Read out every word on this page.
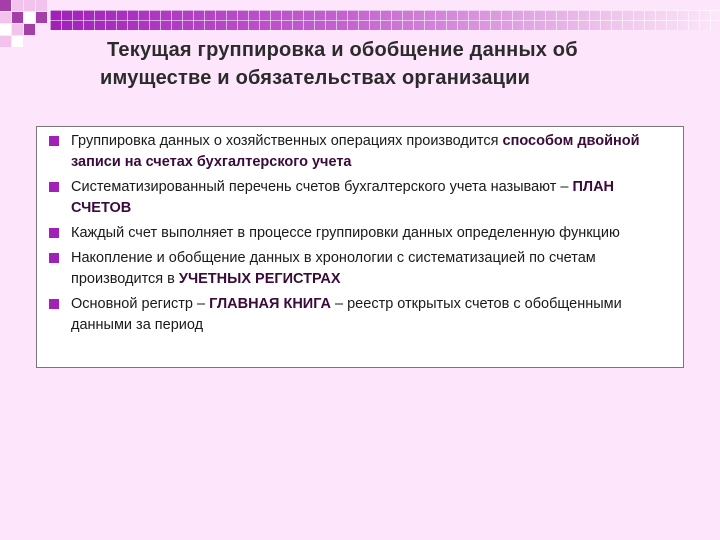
Текущая группировка и обобщение данных об
имуществе и обязательствах организации
Группировка данных о хозяйственных операциях производится способом двойной записи на счетах бухгалтерского учета
Систематизированный перечень счетов бухгалтерского учета называют – ПЛАН СЧЕТОВ
Каждый счет выполняет в процессе группировки данных определенную функцию
Накопление и обобщение данных в хронологии с систематизацией по счетам производится в УЧЕТНЫХ РЕГИСТРАХ
Основной регистр – ГЛАВНАЯ КНИГА – реестр открытых счетов с обобщенными данными за период
